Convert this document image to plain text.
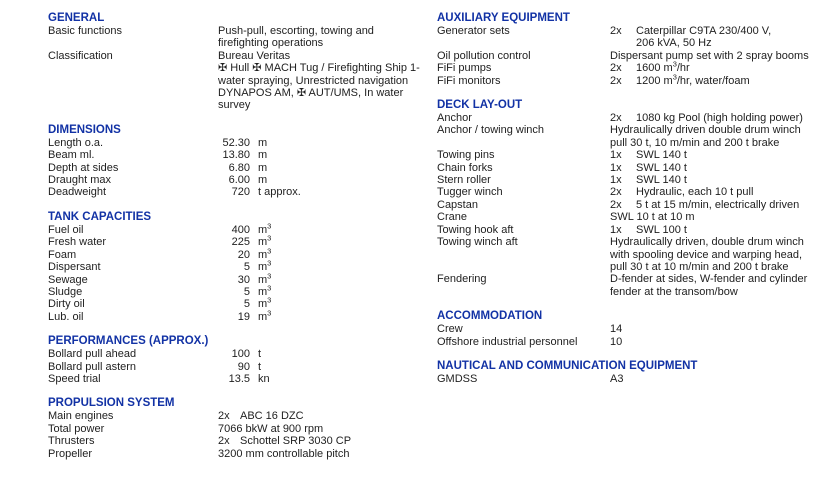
GENERAL
Basic functions	Push-pull, escorting, towing and
firefighting operations
Classification	Bureau Veritas
✠ Hull ✠ MACH Tug / Firefighting Ship 1-
water spraying, Unrestricted navigation
DYNAPOS AM, ✠ AUT/UMS, In water
survey
DIMENSIONS
Length o.a.	52.30 m
Beam ml.	13.80 m
Depth at sides	6.80 m
Draught max	6.00 m
Deadweight	720 t approx.
TANK CAPACITIES
Fuel oil	400 $m^3$
Fresh water	225 $m^3$
Foam	20 $m^3$
Dispersant	5 $m^3$
Sewage	30 $m^3$
Sludge	5 $m^3$
Dirty oil	5 $m^3$
Lub. oil	19 $m^3$
PERFORMANCES (APPROX.)
Bollard pull ahead	100 t
Bollard pull astern	90 t
Speed trial	13.5 kn
PROPULSION SYSTEM
Main engines	2x ABC 16 DZC
Total power	7066 bkW at 900 rpm
Thrusters	2x Schottel SRP 3030 CP
Propeller	3200 mm controllable pitch
AUXILIARY EQUIPMENT
Generator sets	2x Caterpillar C9TA 230/400 V,
206 kVA, 50 Hz
Oil pollution control	Dispersant pump set with 2 spray booms
FiFi pumps	2x 1600 $m^3/hr$
FiFi monitors	2x 1200 $m^3/hr$, water/foam
DECK LAY-OUT
Anchor	2x 1080 kg Pool (high holding power)
Anchor / towing winch	Hydraulically driven double drum winch
pull 30 t, 10 m/min and 200 t brake
Towing pins	1x SWL 140 t
Chain forks	1x SWL 140 t
Stern roller	1x SWL 140 t
Tugger winch	2x Hydraulic, each 10 t pull
Capstan	2x 5 t at 15 m/min, electrically driven
Crane	SWL 10 t at 10 m
Towing hook aft	1x SWL 100 t
Towing winch aft	Hydraulically driven, double drum winch
with spooling device and warping head,
pull 30 t at 10 m/min and 200 t brake
Fendering	D-fender at sides, W-fender and cylinder
fender at the transom/bow
ACCOMMODATION
Crew	14
Offshore industrial personnel	10
NAUTICAL AND COMMUNICATION EQUIPMENT
GMDSS	A3
